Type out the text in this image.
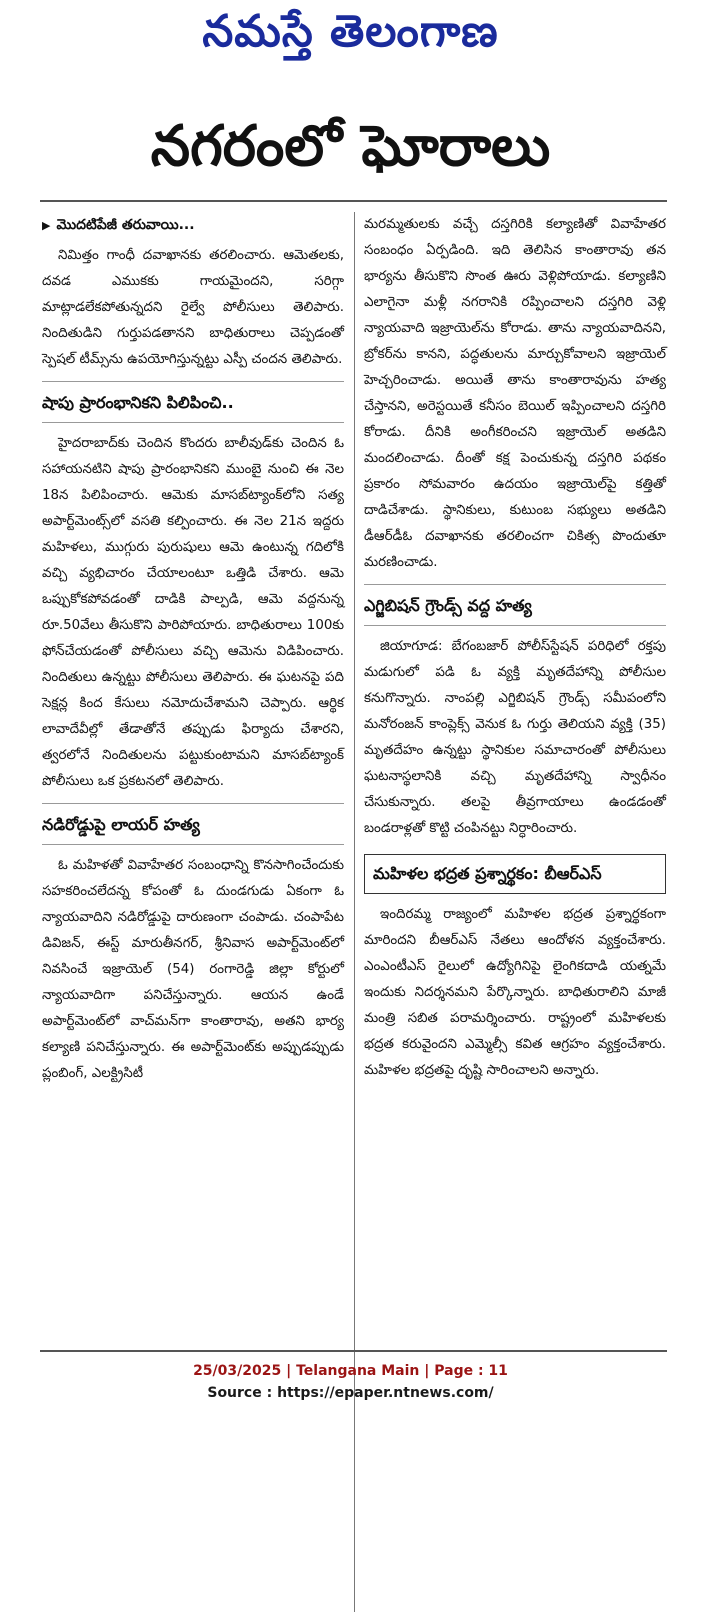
నమస్తే తెలంగాణ
నగరంలో ఘోరాలు
▶ మొదటిపేజీ తరువాయి...

నిమిత్తం గాంధీ దవాఖానకు తరలించారు. ఆమెతలకు, దవడ ఎముకకు గాయమైందని, సరిగ్గా మాట్లాడలేకపోతున్నదని రైల్వే పోలీసులు తెలిపారు. నిందితుడిని గుర్తుపడతానని బాధితురాలు చెప్పడంతో స్పెషల్ టీమ్స్‌ను ఉపయోగిస్తున్నట్టు ఎస్పీ చందన తెలిపారు.

షాపు ప్రారంభానికని పిలిపించి..

హైదరాబాద్‌కు చెందిన కొందరు బాలీవుడ్‌కు చెందిన ఓ సహాయనటిని షాపు ప్రారంభానికని ముంబై నుంచి ఈ నెల 18న పిలిపించారు. ఆమెకు మాసబ్‌ట్యాంక్‌లోని సత్య అపార్ట్‌మెంట్స్‌లో వసతి కల్పించారు. ఈ నెల 21న ఇద్దరు మహిళలు, ముగ్గురు పురుషులు ఆమె ఉంటున్న గదిలోకి వచ్చి వ్యభిచారం చేయాలంటూ ఒత్తిడి చేశారు. ఆమె ఒప్పుకోకపోవడంతో దాడికి పాల్పడి, ఆమె వద్దనున్న రూ.50వేలు తీసుకొని పారిపోయారు. బాధితురాలు 100కు ఫోన్‌చేయడంతో పోలీసులు వచ్చి ఆమెను విడిపించారు. నిందితులు ఉన్నట్టు పోలీసులు తెలిపారు. ఈ ఘటనపై పది సెక్షన్ల కింద కేసులు నమోదుచేశామని చెప్పారు. ఆర్థిక లావాదేవీల్లో తేడాతోనే తప్పుడు ఫిర్యాదు చేశారని, త్వరలోనే నిందితులను పట్టుకుంటామని మాసబ్‌ట్యాంక్ పోలీసులు ఒక ప్రకటనలో తెలిపారు.

నడిరోడ్డుపై లాయర్ హత్య

ఓ మహిళతో వివాహేతర సంబంధాన్ని కొనసాగించేందుకు సహకరించలేదన్న కోపంతో ఓ దుండగుడు ఏకంగా ఓ న్యాయవాదిని నడిరోడ్డుపై దారుణంగా చంపాడు. చంపాపేట డివిజన్, ఈస్ట్ మారుతీనగర్, శ్రీనివాస అపార్ట్‌మెంట్‌లో నివసించే ఇజ్రాయెల్ (54) రంగారెడ్డి జిల్లా కోర్టులో న్యాయవాదిగా పనిచేస్తున్నారు. ఆయన ఉండే అపార్ట్‌మెంట్‌లో వాచ్‌మన్‌గా కాంతారావు, అతని భార్య కల్యాణి పనిచేస్తున్నారు. ఈ అపార్ట్‌మెంట్‌కు అప్పుడప్పుడు ప్లంబింగ్, ఎలక్ట్రిసిటీ

మరమ్మతులకు వచ్చే దస్తగిరికి కల్యాణితో వివాహేతర సంబంధం ఏర్పడింది. ఇది తెలిసిన కాంతారావు తన భార్యను తీసుకొని సొంత ఊరు వెళ్లిపోయాడు. కల్యాణిని ఎలాగైనా మళ్లీ నగరానికి రప్పించాలని దస్తగిరి వెళ్లి న్యాయవాది ఇజ్రాయెల్‌ను కోరాడు. తాను న్యాయవాదినని, బ్రోకర్‌ను కానని, పద్ధతులను మార్చుకోవాలని ఇజ్రాయెల్ హెచ్చరించాడు. అయితే తాను కాంతారావును హత్య చేస్తానని, అరెస్టయితే కనీసం బెయిల్ ఇప్పించాలని దస్తగిరి కోరాడు. దీనికి అంగీకరించని ఇజ్రాయెల్ అతడిని మందలించాడు. దీంతో కక్ష పెంచుకున్న దస్తగిరి పథకం ప్రకారం సోమవారం ఉదయం ఇజ్రాయెల్‌పై కత్తితో దాడిచేశాడు. స్థానికులు, కుటుంబ సభ్యులు అతడిని డీఆర్‌డీఓ దవాఖానకు తరలించగా చికిత్స పొందుతూ మరణించాడు.

ఎగ్జిబిషన్ గ్రౌండ్స్ వద్ద హత్య

జియాగూడ: బేగంబజార్ పోలీస్‌స్టేషన్ పరిధిలో రక్తపు మడుగులో పడి ఓ వ్యక్తి మృతదేహాన్ని పోలీసుల కనుగొన్నారు. నాంపల్లి ఎగ్జిబిషన్ గ్రౌండ్స్ సమీపంలోని మనోరంజన్ కాంప్లెక్స్ వెనుక ఓ గుర్తు తెలియని వ్యక్తి (35) మృతదేహం ఉన్నట్టు స్థానికుల సమాచారంతో పోలీసులు ఘటనాస్థలానికి వచ్చి మృతదేహాన్ని స్వాధీనం చేసుకున్నారు. తలపై తీవ్రగాయాలు ఉండడంతో బండరాళ్లతో కొట్టి చంపినట్టు నిర్ధారించారు.

మహిళల భద్రత ప్రశ్నార్థకం: బీఆర్‌ఎస్

ఇందిరమ్మ రాజ్యంలో మహిళల భద్రత ప్రశ్నార్థకంగా మారిందని బీఆర్‌ఎస్ నేతలు ఆందోళన వ్యక్తంచేశారు. ఎంఎంటీఎస్ రైలులో ఉద్యోగినిపై లైంగికదాడి యత్నమే ఇందుకు నిదర్శనమని పేర్కొన్నారు. బాధితురాలిని మాజీ మంత్రి సబిత పరామర్శించారు. రాష్ట్రంలో మహిళలకు భద్రత కరువైందని ఎమ్మెల్సీ కవిత ఆగ్రహం వ్యక్తంచేశారు. మహిళల భద్రతపై దృష్టి సారించాలని అన్నారు.

25/03/2025 | Telangana Main | Page : 11
Source : https://epaper.ntnews.com/
